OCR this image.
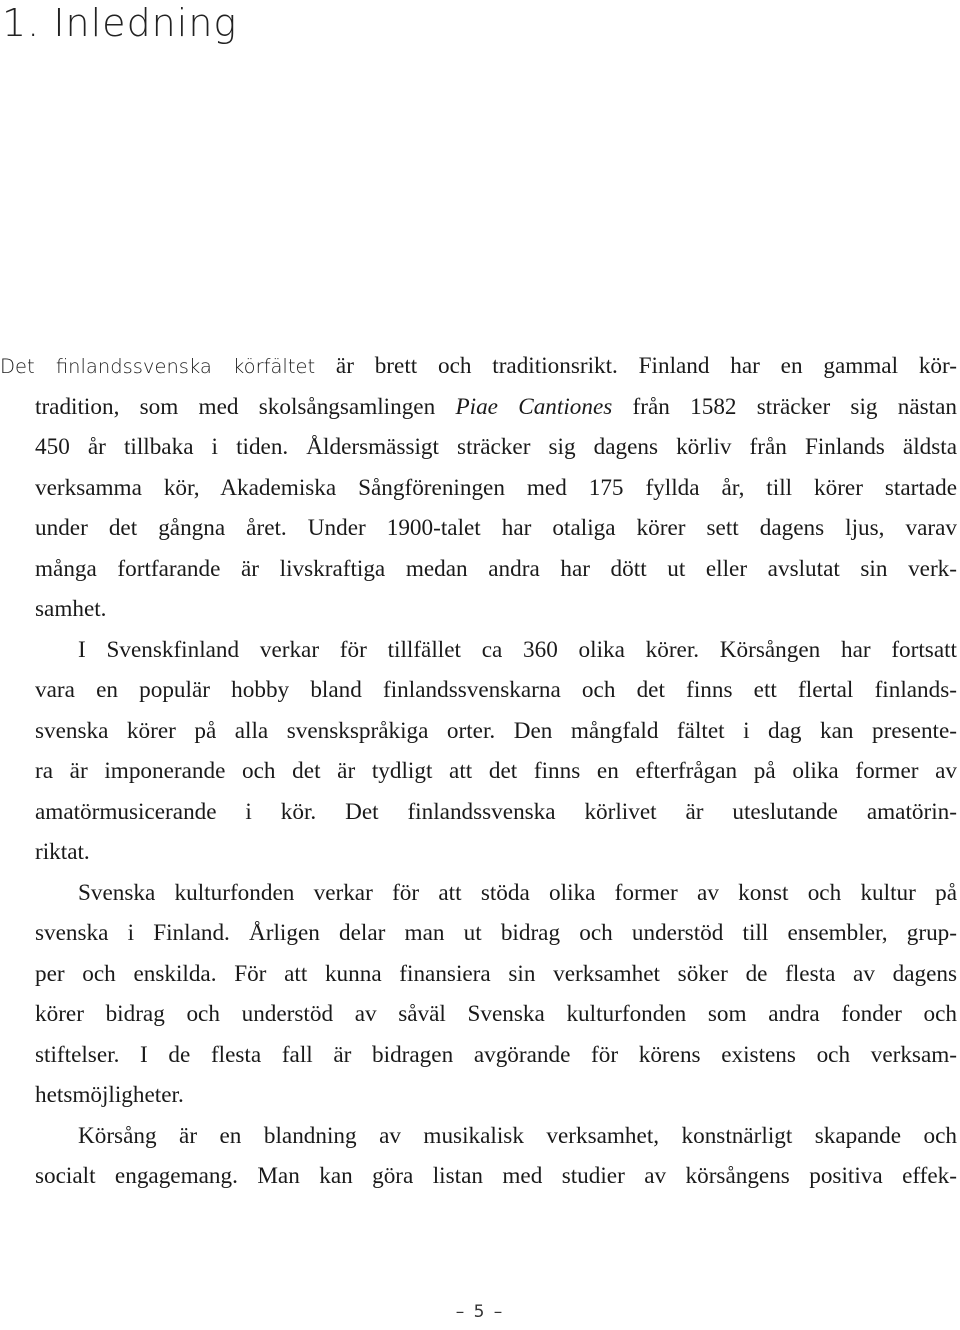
1. Inledning
Det finlandssvenska körfältet är brett och traditionsrikt. Finland har en gammal kör-
tradition, som med skolsångsamlingen Piae Cantiones från 1582 sträcker sig nästan
450 år tillbaka i tiden. Åldersmässigt sträcker sig dagens körliv från Finlands äldsta
verksamma kör, Akademiska Sångföreningen med 175 fyllda år, till körer startade
under det gångna året. Under 1900-talet har otaliga körer sett dagens ljus, varav
många fortfarande är livskraftiga medan andra har dött ut eller avslutat sin verk-
samhet.
I Svenskfinland verkar för tillfället ca 360 olika körer. Körsången har fortsatt
vara en populär hobby bland finlandssvenskarna och det finns ett flertal finlands-
svenska körer på alla svenskspråkiga orter. Den mångfald fältet i dag kan presente-
ra är imponerande och det är tydligt att det finns en efterfrågan på olika former av
amatörmusicerande i kör. Det finlandssvenska körlivet är uteslutande amatörin-
riktat.
Svenska kulturfonden verkar för att stöda olika former av konst och kultur på
svenska i Finland. Årligen delar man ut bidrag och understöd till ensembler, grup-
per och enskilda. För att kunna finansiera sin verksamhet söker de flesta av dagens
körer bidrag och understöd av såväl Svenska kulturfonden som andra fonder och
stiftelser. I de flesta fall är bidragen avgörande för körens existens och verksam-
hetsmöjligheter.
Körsång är en blandning av musikalisk verksamhet, konstnärligt skapande och
socialt engagemang. Man kan göra listan med studier av körsångens positiva effek-
– 5 –
